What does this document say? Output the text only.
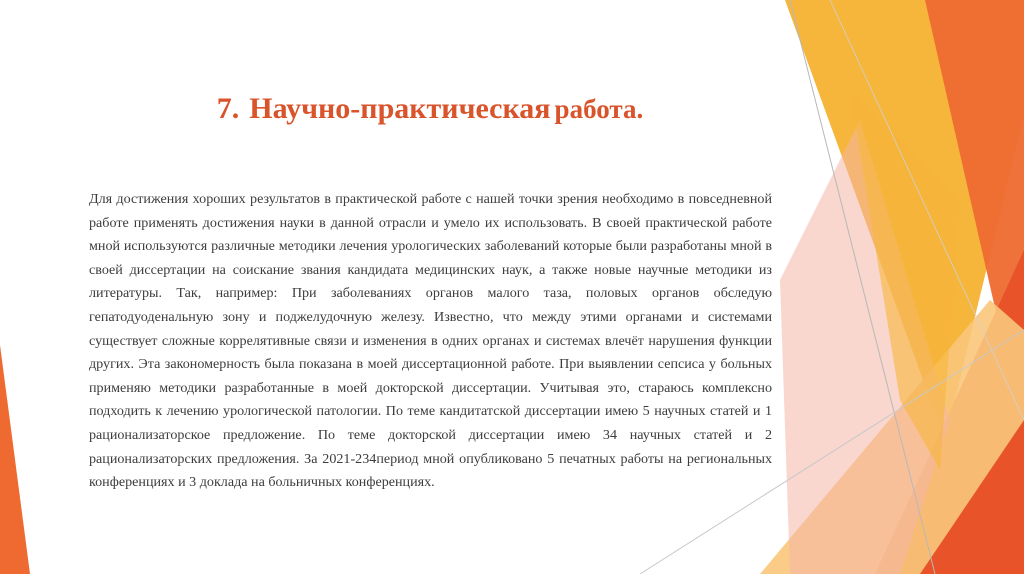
7. Научно-практическая работа.
Для достижения хороших результатов в практической работе с нашей точки зрения необходимо в повседневной работе применять достижения науки в данной отрасли и умело их использовать. В своей практической работе мной используются различные методики лечения урологических заболеваний которые были разработаны мной в своей диссертации на соискание звания кандидата медицинских наук, а также новые научные методики из литературы. Так, например: При заболеваниях органов малого таза, половых органов обследую гепатодуоденальную зону и поджелудочную железу. Известно, что между этими органами и системами существует сложные коррелятивные связи и изменения в одних органах и системах влечёт нарушения функции других. Эта закономерность была показана в моей диссертационной работе. При выявлении сепсиса у больных применяю методики разработанные в моей докторской диссертации. Учитывая это, стараюсь комплексно подходить к лечению урологической патологии. По теме кандитатской диссертации имею 5 научных статей и 1 рационализаторское предложение. По теме докторской диссертации имею 34 научных статей и 2 рационализаторских предложения. За 2021-234период мной опубликовано 5 печатных работы на региональных конференциях и 3 доклада на больничных конференциях.
